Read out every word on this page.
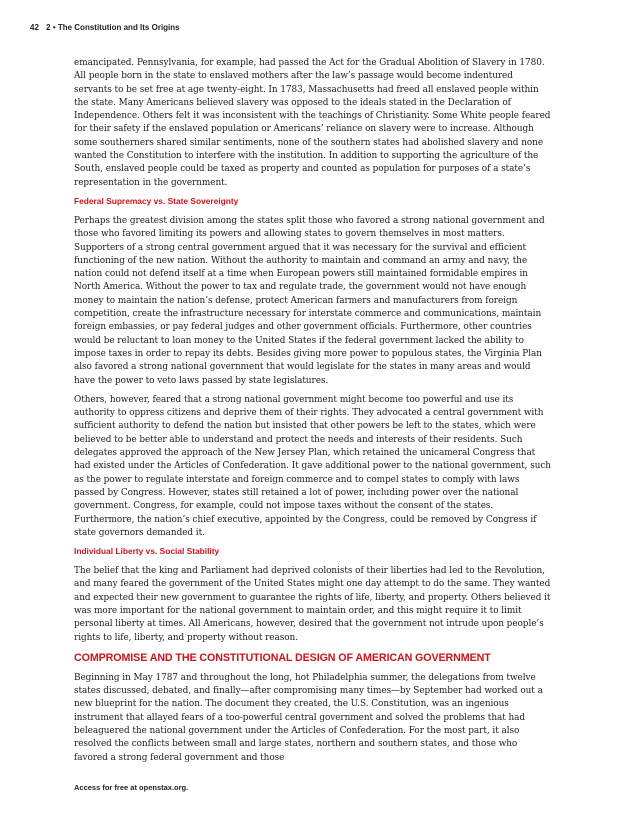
42 2 • The Constitution and Its Origins

emancipated. Pennsylvania, for example, had passed the Act for the Gradual Abolition of Slavery in 1780. All people born in the state to enslaved mothers after the law’s passage would become indentured servants to be set free at age twenty-eight. In 1783, Massachusetts had freed all enslaved people within the state. Many Americans believed slavery was opposed to the ideals stated in the Declaration of Independence. Others felt it was inconsistent with the teachings of Christianity. Some White people feared for their safety if the enslaved population or Americans’ reliance on slavery were to increase. Although some southerners shared similar sentiments, none of the southern states had abolished slavery and none wanted the Constitution to interfere with the institution. In addition to supporting the agriculture of the South, enslaved people could be taxed as property and counted as population for purposes of a state’s representation in the government.

Federal Supremacy vs. State Sovereignty

Perhaps the greatest division among the states split those who favored a strong national government and those who favored limiting its powers and allowing states to govern themselves in most matters. Supporters of a strong central government argued that it was necessary for the survival and efficient functioning of the new nation. Without the authority to maintain and command an army and navy, the nation could not defend itself at a time when European powers still maintained formidable empires in North America. Without the power to tax and regulate trade, the government would not have enough money to maintain the nation’s defense, protect American farmers and manufacturers from foreign competition, create the infrastructure necessary for interstate commerce and communications, maintain foreign embassies, or pay federal judges and other government officials. Furthermore, other countries would be reluctant to loan money to the United States if the federal government lacked the ability to impose taxes in order to repay its debts. Besides giving more power to populous states, the Virginia Plan also favored a strong national government that would legislate for the states in many areas and would have the power to veto laws passed by state legislatures.

Others, however, feared that a strong national government might become too powerful and use its authority to oppress citizens and deprive them of their rights. They advocated a central government with sufficient authority to defend the nation but insisted that other powers be left to the states, which were believed to be better able to understand and protect the needs and interests of their residents. Such delegates approved the approach of the New Jersey Plan, which retained the unicameral Congress that had existed under the Articles of Confederation. It gave additional power to the national government, such as the power to regulate interstate and foreign commerce and to compel states to comply with laws passed by Congress. However, states still retained a lot of power, including power over the national government. Congress, for example, could not impose taxes without the consent of the states. Furthermore, the nation’s chief executive, appointed by the Congress, could be removed by Congress if state governors demanded it.

Individual Liberty vs. Social Stability

The belief that the king and Parliament had deprived colonists of their liberties had led to the Revolution, and many feared the government of the United States might one day attempt to do the same. They wanted and expected their new government to guarantee the rights of life, liberty, and property. Others believed it was more important for the national government to maintain order, and this might require it to limit personal liberty at times. All Americans, however, desired that the government not intrude upon people’s rights to life, liberty, and property without reason.

COMPROMISE AND THE CONSTITUTIONAL DESIGN OF AMERICAN GOVERNMENT

Beginning in May 1787 and throughout the long, hot Philadelphia summer, the delegations from twelve states discussed, debated, and finally—after compromising many times—by September had worked out a new blueprint for the nation. The document they created, the U.S. Constitution, was an ingenious instrument that allayed fears of a too-powerful central government and solved the problems that had beleaguered the national government under the Articles of Confederation. For the most part, it also resolved the conflicts between small and large states, northern and southern states, and those who favored a strong federal government and those

Access for free at openstax.org.
